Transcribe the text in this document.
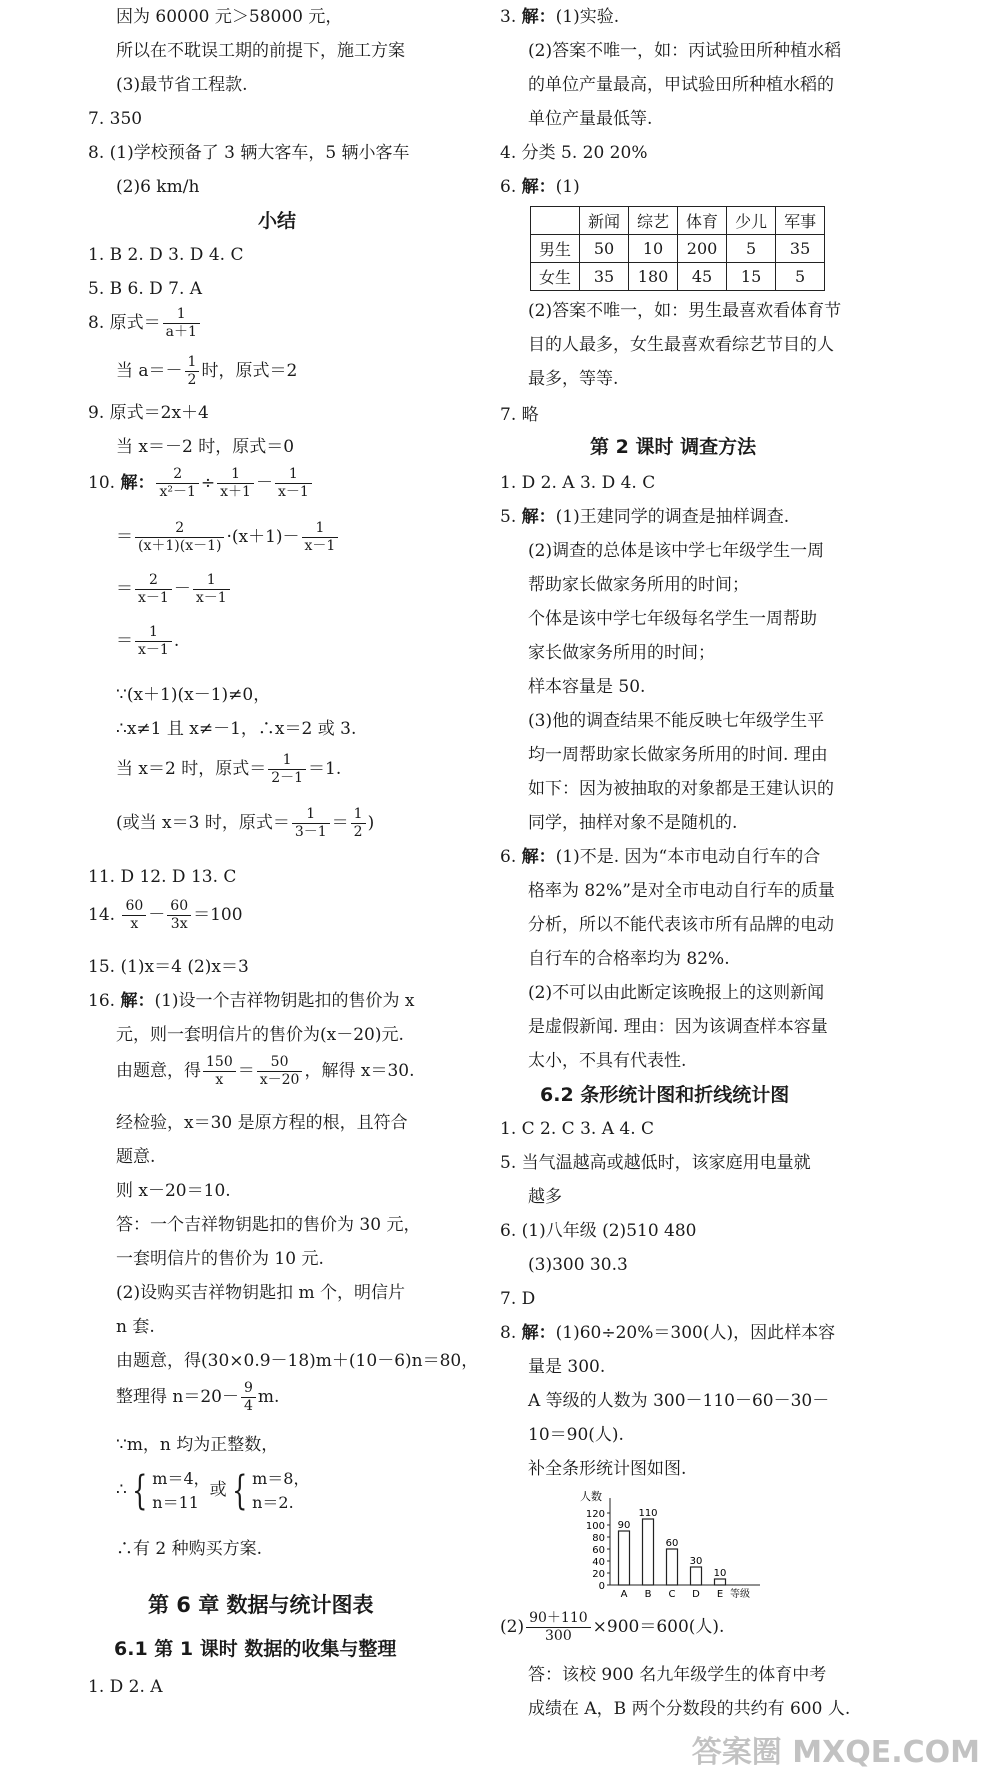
因为 60000 元＞58000 元，
所以在不耽误工期的前提下，施工方案
(3)最节省工程款.
7. 350
8. (1)学校预备了 3 辆大客车，5 辆小客车
(2)6 km/h
小结
1. B 2. D 3. D 4. C
5. B 6. D 7. A
8. 原式＝ $\frac{1}{a+1}$
当 $a=- \frac{1}{2}$ 时，原式＝2
9. 原式＝2x＋4
当 x＝－2 时，原式＝0
10. 解： $\frac{2}{\text{x²－1}} \div \frac{1}{x+1} - \frac{1}{x-1}$
＝ $\frac{2}{(x+1)(x-1)} \cdot(x+1)- \frac{1}{x-1}$
＝ $\frac{2}{x-1} - \frac{1}{x-1}$
＝ $\frac{1}{x-1}$ .
∵(x＋1)(x－1)≠0，
∴x≠1 且 x≠－1，∴x＝2 或 3.
当 x＝2 时，原式＝ $\frac{1}{2-1} =1$.
(或当 x＝3 时，原式＝ $\frac{1}{3-1} = \frac{1}{2}$ )
11. D 12. D 13. C
14. $\frac{60}{x} - \frac{60}{3x} =100$
15. (1)x＝4 (2)x＝3
16. 解：(1)设一个吉祥物钥匙扣的售价为 x
元，则一套明信片的售价为(x－20)元.
由题意，得 $\frac{150}{x} = \frac{50}{x-20}$ ，解得 x＝30.
经检验，x＝30 是原方程的根，且符合
题意.
则 x－20＝10.
答：一个吉祥物钥匙扣的售价为 30 元，
一套明信片的售价为 10 元.
(2)设购买吉祥物钥匙扣 m 个，明信片
n 套.
由题意，得(30×0.9－18)m＋(10－6)n＝80，
整理得 $n=20- \frac{9}{4} m$.
∵m，n 均为正整数，
∴ { m＝4，
n＝11
或 { m＝8，
n＝2.
∴有 2 种购买方案.
第 6 章 数据与统计图表
6.1 第 1 课时 数据的收集与整理
1. D 2. A
3. 解：(1)实验.
(2)答案不唯一，如：丙试验田所种植水稻
的单位产量最高，甲试验田所种植水稻的
单位产量最低等.
4. 分类 5. 20 20%
6. 解：(1)
	新闻	综艺	体育	少儿	军事
男生	50	10	200	5	35
女生	35	180	45	15	5
(2)答案不唯一，如：男生最喜欢看体育节
目的人最多，女生最喜欢看综艺节目的人
最多，等等.
7. 略
第 2 课时 调查方法
1. D 2. A 3. D 4. C
5. 解：(1)王建同学的调查是抽样调查.
(2)调查的总体是该中学七年级学生一周
帮助家长做家务所用的时间；
个体是该中学七年级每名学生一周帮助
家长做家务所用的时间；
样本容量是 50.
(3)他的调查结果不能反映七年级学生平
均一周帮助家长做家务所用的时间. 理由
如下：因为被抽取的对象都是王建认识的
同学，抽样对象不是随机的.
6. 解：(1)不是. 因为“本市电动自行车的合
格率为 82%”是对全市电动自行车的质量
分析，所以不能代表该市所有品牌的电动
自行车的合格率均为 82%.
(2)不可以由此断定该晚报上的这则新闻
是虚假新闻. 理由：因为该调查样本容量
太小，不具有代表性.
6.2 条形统计图和折线统计图
1. C 2. C 3. A 4. C
5. 当气温越高或越低时，该家庭用电量就
越多
6. (1)八年级 (2)510 480
(3)300 30.3
7. D
8. 解：(1)60÷20%＝300(人)，因此样本容
量是 300.
A 等级的人数为 300－110－60－30－
10＝90(人).
补全条形统计图如图.
人数
0
20
40
60
80
100
120
90
A
110
B
60
C
30
D
10
E 等级
$(2) \frac{90+110}{300} \times 900=600$(人).
答：该校 900 名九年级学生的体育中考
成绩在 A，B 两个分数段的共约有 600 人.
答案圈 MXQE.COM
